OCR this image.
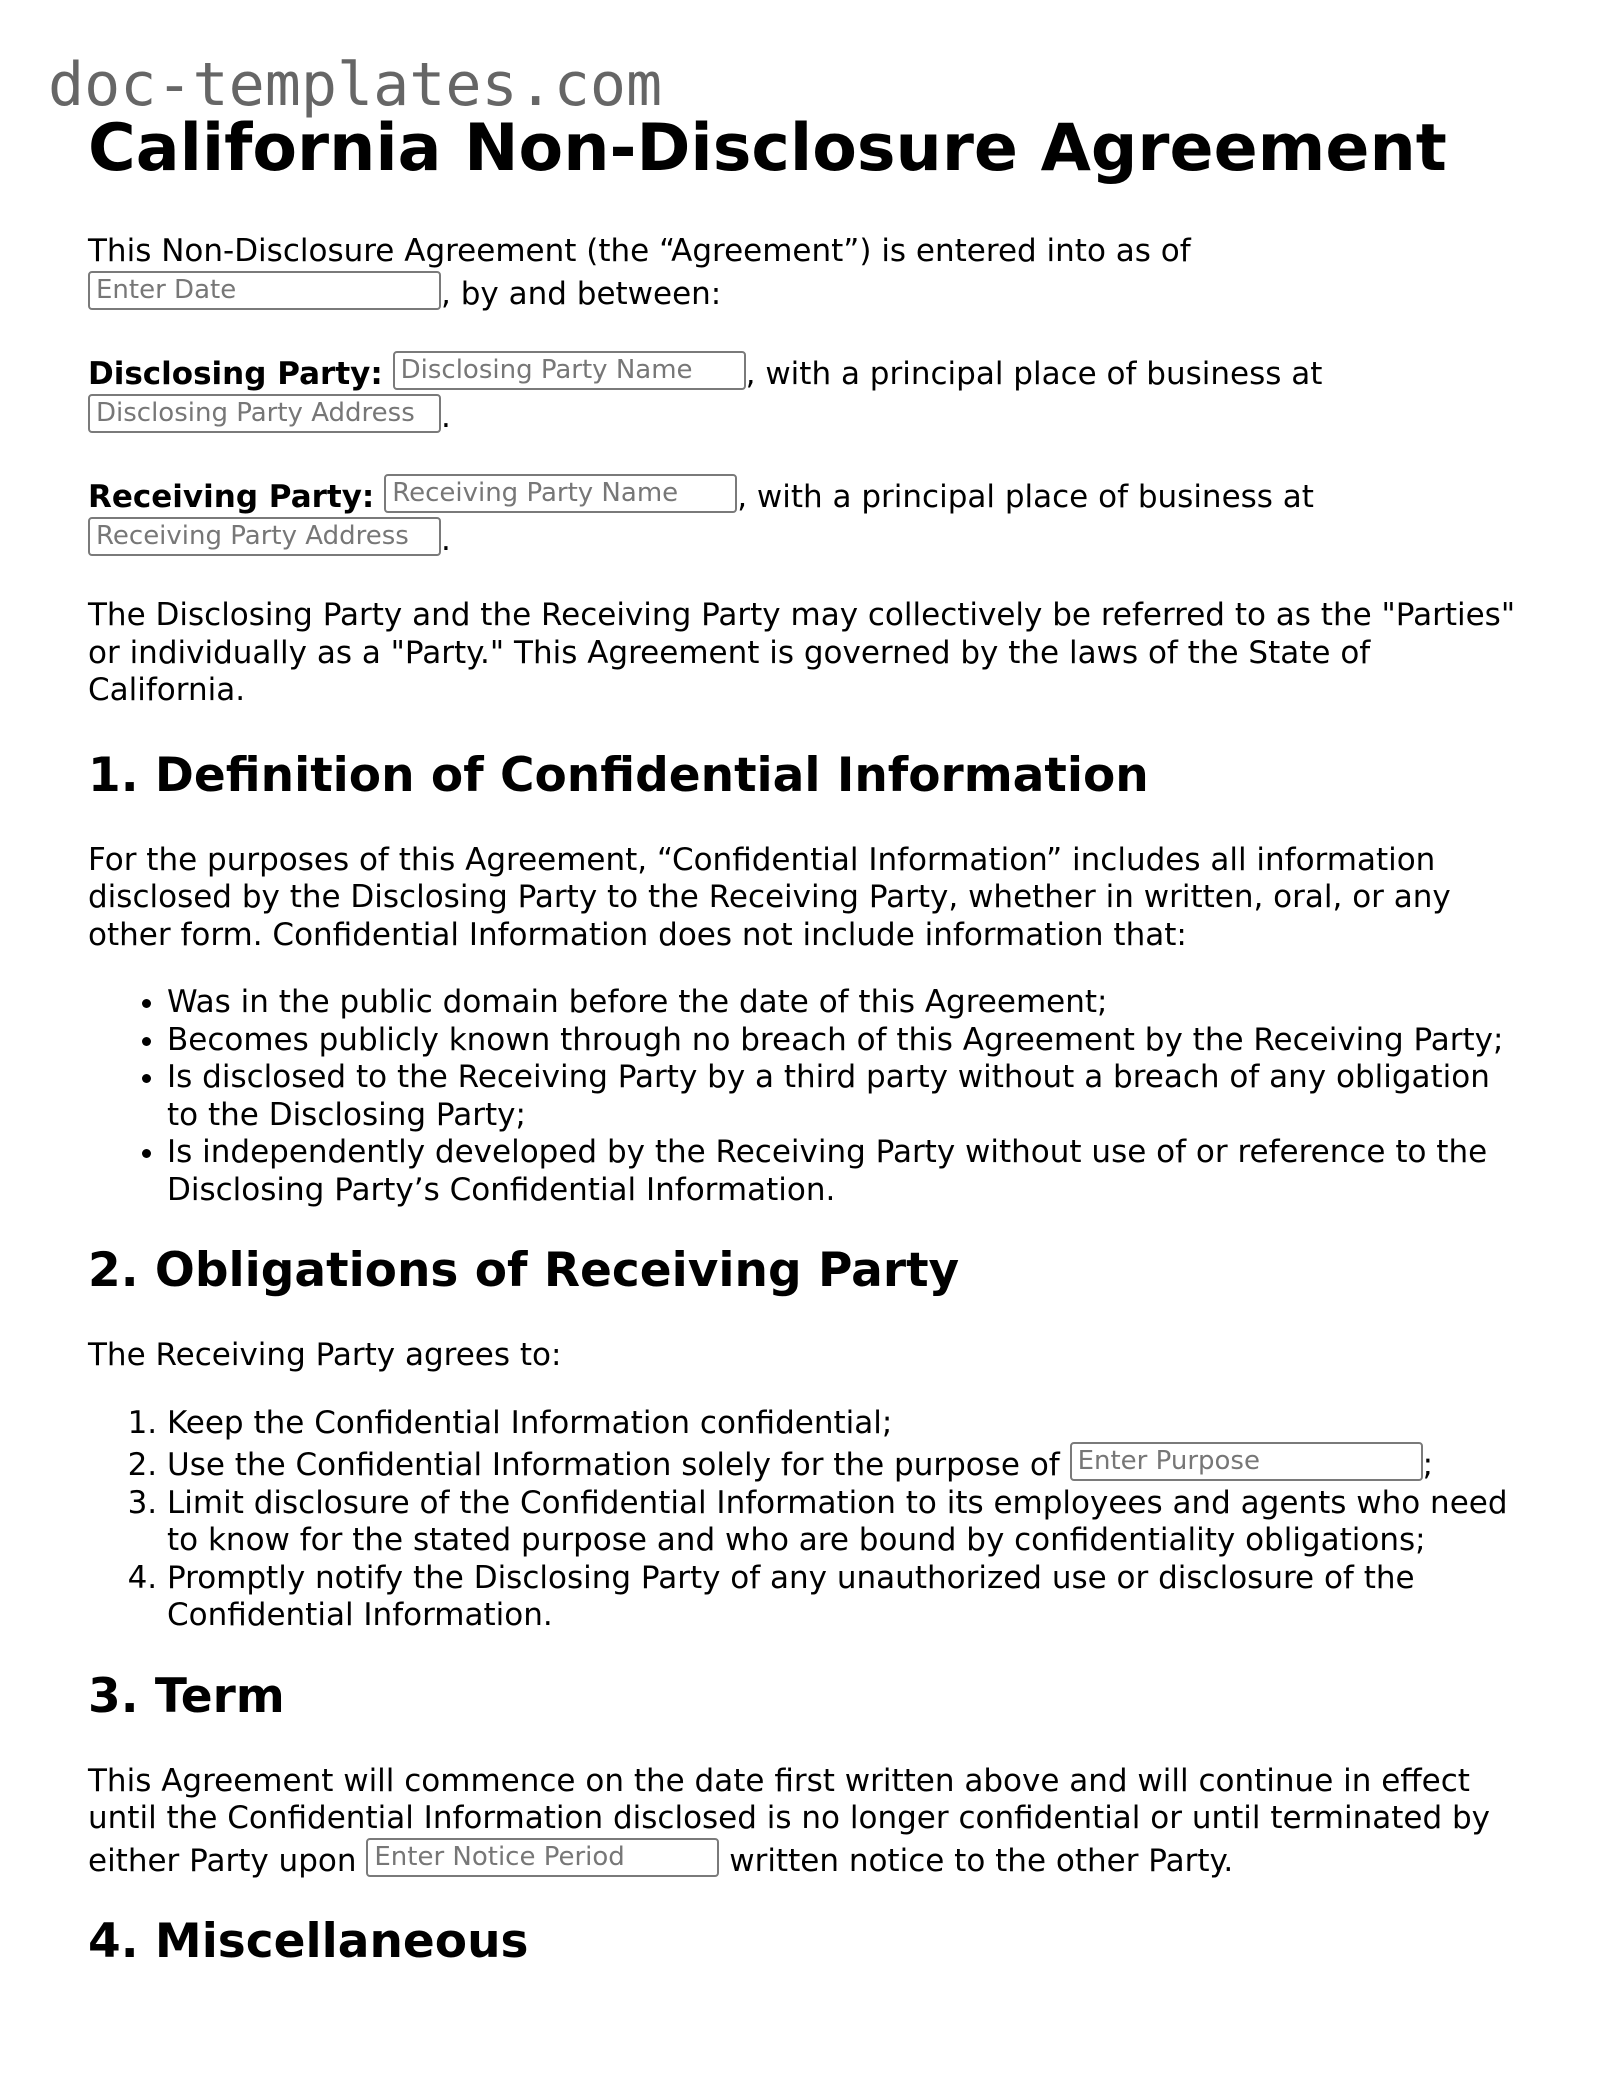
doc-templates.com
California Non-Disclosure Agreement

This Non-Disclosure Agreement (the “Agreement”) is entered into as of
Enter Date, by and between:

Disclosing Party: Disclosing Party Name	, with a principal place of business at
Disclosing Party Address.

Receiving Party: Receiving Party Name	, with a principal place of business at
Receiving Party Address.

The Disclosing Party and the Receiving Party may collectively be referred to as the "Parties" or individually as a "Party." This Agreement is governed by the laws of the State of California.

1. Definition of Confidential Information

For the purposes of this Agreement, “Confidential Information” includes all information disclosed by the Disclosing Party to the Receiving Party, whether in written, oral, or any other form. Confidential Information does not include information that:

• Was in the public domain before the date of this Agreement;
• Becomes publicly known through no breach of this Agreement by the Receiving Party;
• Is disclosed to the Receiving Party by a third party without a breach of any obligation to the Disclosing Party;
• Is independently developed by the Receiving Party without use of or reference to the Disclosing Party’s Confidential Information.
2. Obligations of Receiving Party

The Receiving Party agrees to:

1. Keep the Confidential Information confidential;
2. Use the Confidential Information solely for the purpose of Enter Purpose	;
3. Limit disclosure of the Confidential Information to its employees and agents who need to know for the stated purpose and who are bound by confidentiality obligations;
4. Promptly notify the Disclosing Party of any unauthorized use or disclosure of the Confidential Information.
3. Term

This Agreement will commence on the date first written above and will continue in effect until the Confidential Information disclosed is no longer confidential or until terminated by either Party upon Enter Notice Period	written notice to the other Party.

4. Miscellaneous
